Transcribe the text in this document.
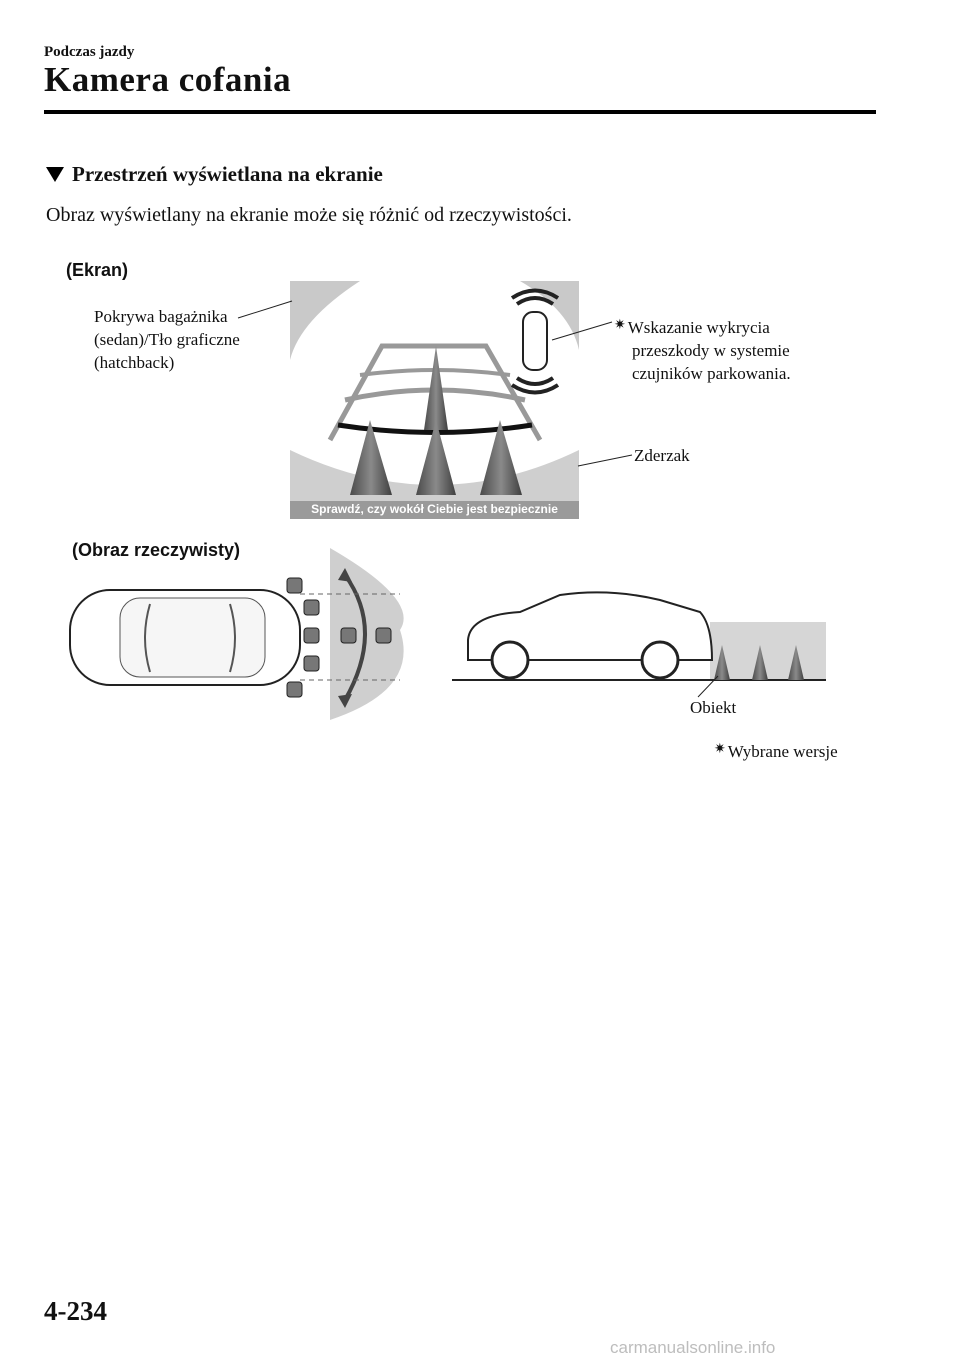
Podczas jazdy
Kamera cofania
Przestrzeń wyświetlana na ekranie
Obraz wyświetlany na ekranie może się różnić od rzeczywistości.
(Ekran)
(Obraz rzeczywisty)
Sprawdź, czy wokół Ciebie jest bezpiecznie
Pokrywa bagażnika
(sedan)/Tło graficzne
(hatchback)
✷ Wskazanie wykrycia
przeszkody w systemie
czujników parkowania.
Zderzak
Obiekt
✷ Wybrane wersje
4-234
carmanualsonline.info
